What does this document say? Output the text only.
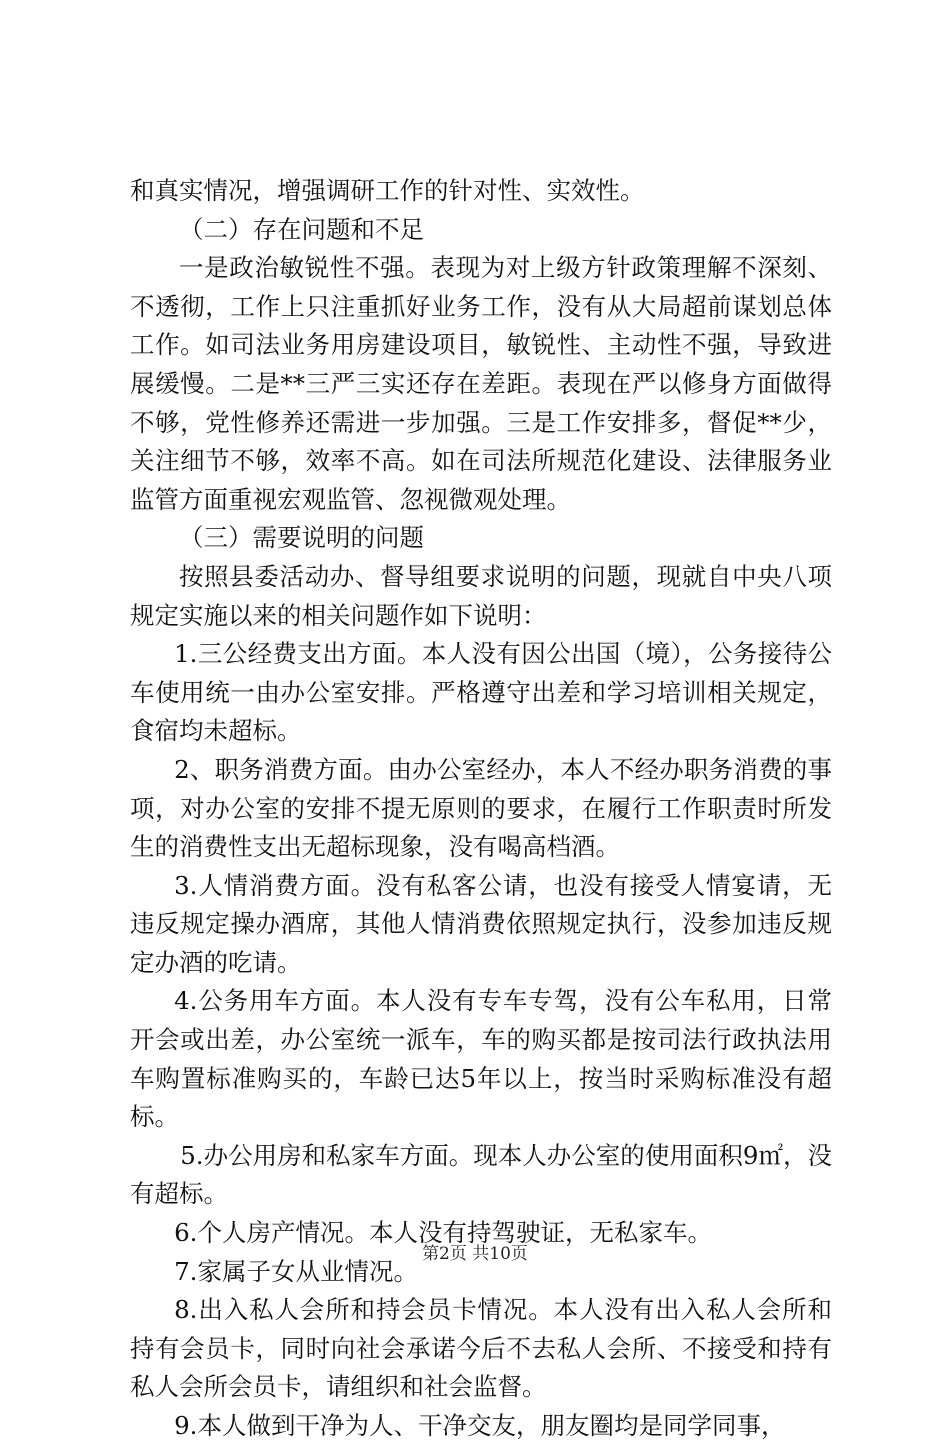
和真实情况，增强调研工作的针对性、实效性。

（二）存在问题和不足

一是政治敏锐性不强。表现为对上级方针政策理解不深刻、不透彻，工作上只注重抓好业务工作，没有从大局超前谋划总体工作。如司法业务用房建设项目，敏锐性、主动性不强，导致进展缓慢。二是**三严三实还存在差距。表现在严以修身方面做得不够，党性修养还需进一步加强。三是工作安排多，督促**少，关注细节不够，效率不高。如在司法所规范化建设、法律服务业监管方面重视宏观监管、忽视微观处理。

（三）需要说明的问题

按照县委活动办、督导组要求说明的问题，现就自中央八项规定实施以来的相关问题作如下说明：

1.三公经费支出方面。本人没有因公出国（境），公务接待公车使用统一由办公室安排。严格遵守出差和学习培训相关规定，食宿均未超标。

2、职务消费方面。由办公室经办，本人不经办职务消费的事项，对办公室的安排不提无原则的要求，在履行工作职责时所发生的消费性支出无超标现象，没有喝高档酒。

3.人情消费方面。没有私客公请，也没有接受人情宴请，无违反规定操办酒席，其他人情消费依照规定执行，没参加违反规定办酒的吃请。

4.公务用车方面。本人没有专车专驾，没有公车私用，日常开会或出差，办公室统一派车，车的购买都是按司法行政执法用车购置标准购买的，车龄已达5年以上，按当时采购标准没有超标。

5.办公用房和私家车方面。现本人办公室的使用面积9㎡，没有超标。

6.个人房产情况。本人没有持驾驶证，无私家车。

7.家属子女从业情况。

8.出入私人会所和持会员卡情况。本人没有出入私人会所和持有会员卡，同时向社会承诺今后不去私人会所、不接受和持有私人会所会员卡，请组织和社会监督。

9.本人做到干净为人、干净交友，朋友圈均是同学同事，

第2页 共10页
